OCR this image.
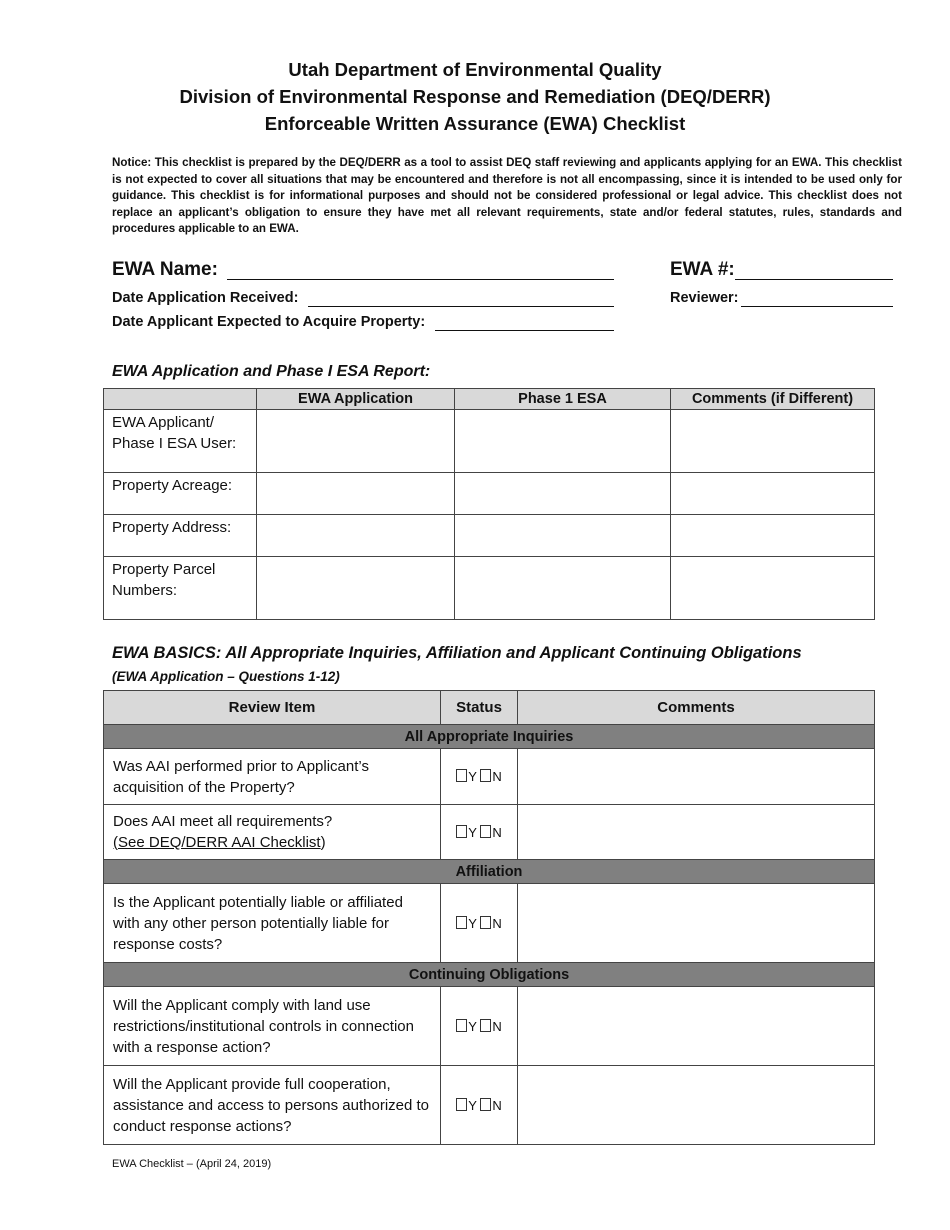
Utah Department of Environmental Quality
Division of Environmental Response and Remediation (DEQ/DERR)
Enforceable Written Assurance (EWA) Checklist
Notice: This checklist is prepared by the DEQ/DERR as a tool to assist DEQ staff reviewing and applicants applying for an EWA. This checklist is not expected to cover all situations that may be encountered and therefore is not all encompassing, since it is intended to be used only for guidance. This checklist is for informational purposes and should not be considered professional or legal advice. This checklist does not replace an applicant’s obligation to ensure they have met all relevant requirements, state and/or federal statutes, rules, standards and procedures applicable to an EWA.
EWA Name:	EWA #:
Date Application Received:	Reviewer:
Date Applicant Expected to Acquire Property:
EWA Application and Phase I ESA Report:
	EWA Application	Phase 1 ESA	Comments (if Different)

EWA Applicant/
Phase I ESA User:			

Property Acreage:			

Property Address:			

Property Parcel
Numbers:			

EWA BASICS: All Appropriate Inquiries, Affiliation and Applicant Continuing Obligations
(EWA Application – Questions 1-12)
Review Item	Status	Comments
All Appropriate Inquiries		
Was AAI performed prior to Applicant’s acquisition of the Property?	Y N	

Does AAI meet all requirements?
(See DEQ/DERR AAI Checklist)	Y N	
Affiliation		
Is the Applicant potentially liable or affiliated with any other person potentially liable for response costs?	Y N	
Continuing Obligations		
Will the Applicant comply with land use restrictions/institutional controls in connection with a response action?	Y N	
Will the Applicant provide full cooperation, assistance and access to persons authorized to conduct response actions?	Y N	
EWA Checklist – (April 24, 2019)
